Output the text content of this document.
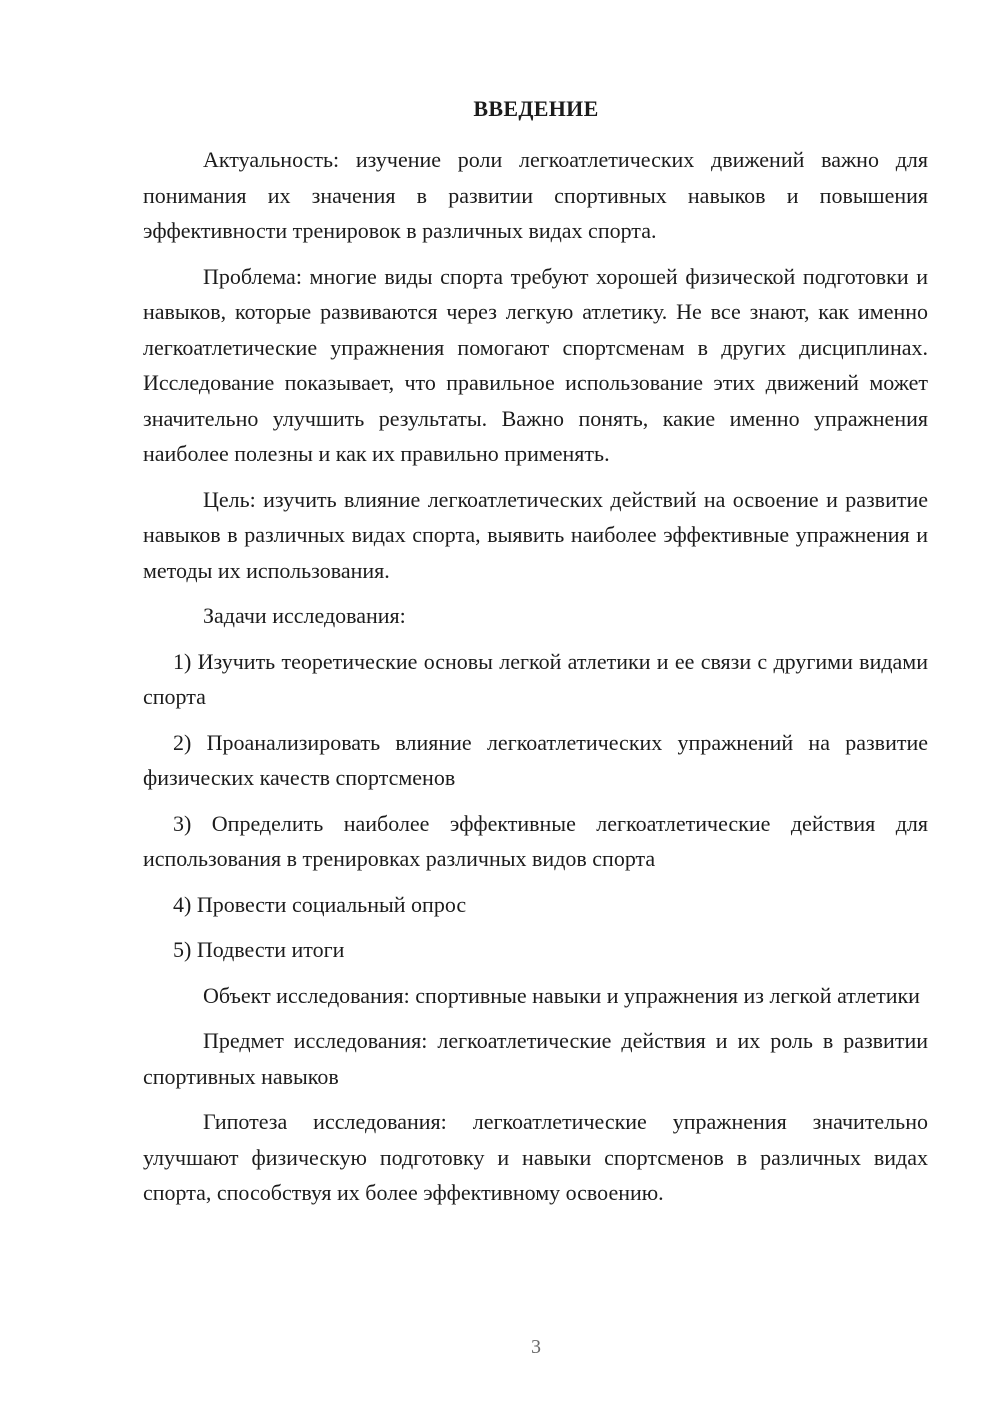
ВВЕДЕНИЕ

Актуальность: изучение роли легкоатлетических движений важно для понимания их значения в развитии спортивных навыков и повышения эффективности тренировок в различных видах спорта.

Проблема: многие виды спорта требуют хорошей физической подготовки и навыков, которые развиваются через легкую атлетику. Не все знают, как именно легкоатлетические упражнения помогают спортсменам в других дисциплинах. Исследование показывает, что правильное использование этих движений может значительно улучшить результаты. Важно понять, какие именно упражнения наиболее полезны и как их правильно применять.

Цель: изучить влияние легкоатлетических действий на освоение и развитие навыков в различных видах спорта, выявить наиболее эффективные упражнения и методы их использования.

Задачи исследования:

1) Изучить теоретические основы легкой атлетики и ее связи с другими видами спорта

2) Проанализировать влияние легкоатлетических упражнений на развитие физических качеств спортсменов

3) Определить наиболее эффективные легкоатлетические действия для использования в тренировках различных видов спорта

4) Провести социальный опрос

5) Подвести итоги

Объект исследования: спортивные навыки и упражнения из легкой атлетики

Предмет исследования: легкоатлетические действия и их роль в развитии спортивных навыков

Гипотеза исследования: легкоатлетические упражнения значительно улучшают физическую подготовку и навыки спортсменов в различных видах спорта, способствуя их более эффективному освоению.

3
